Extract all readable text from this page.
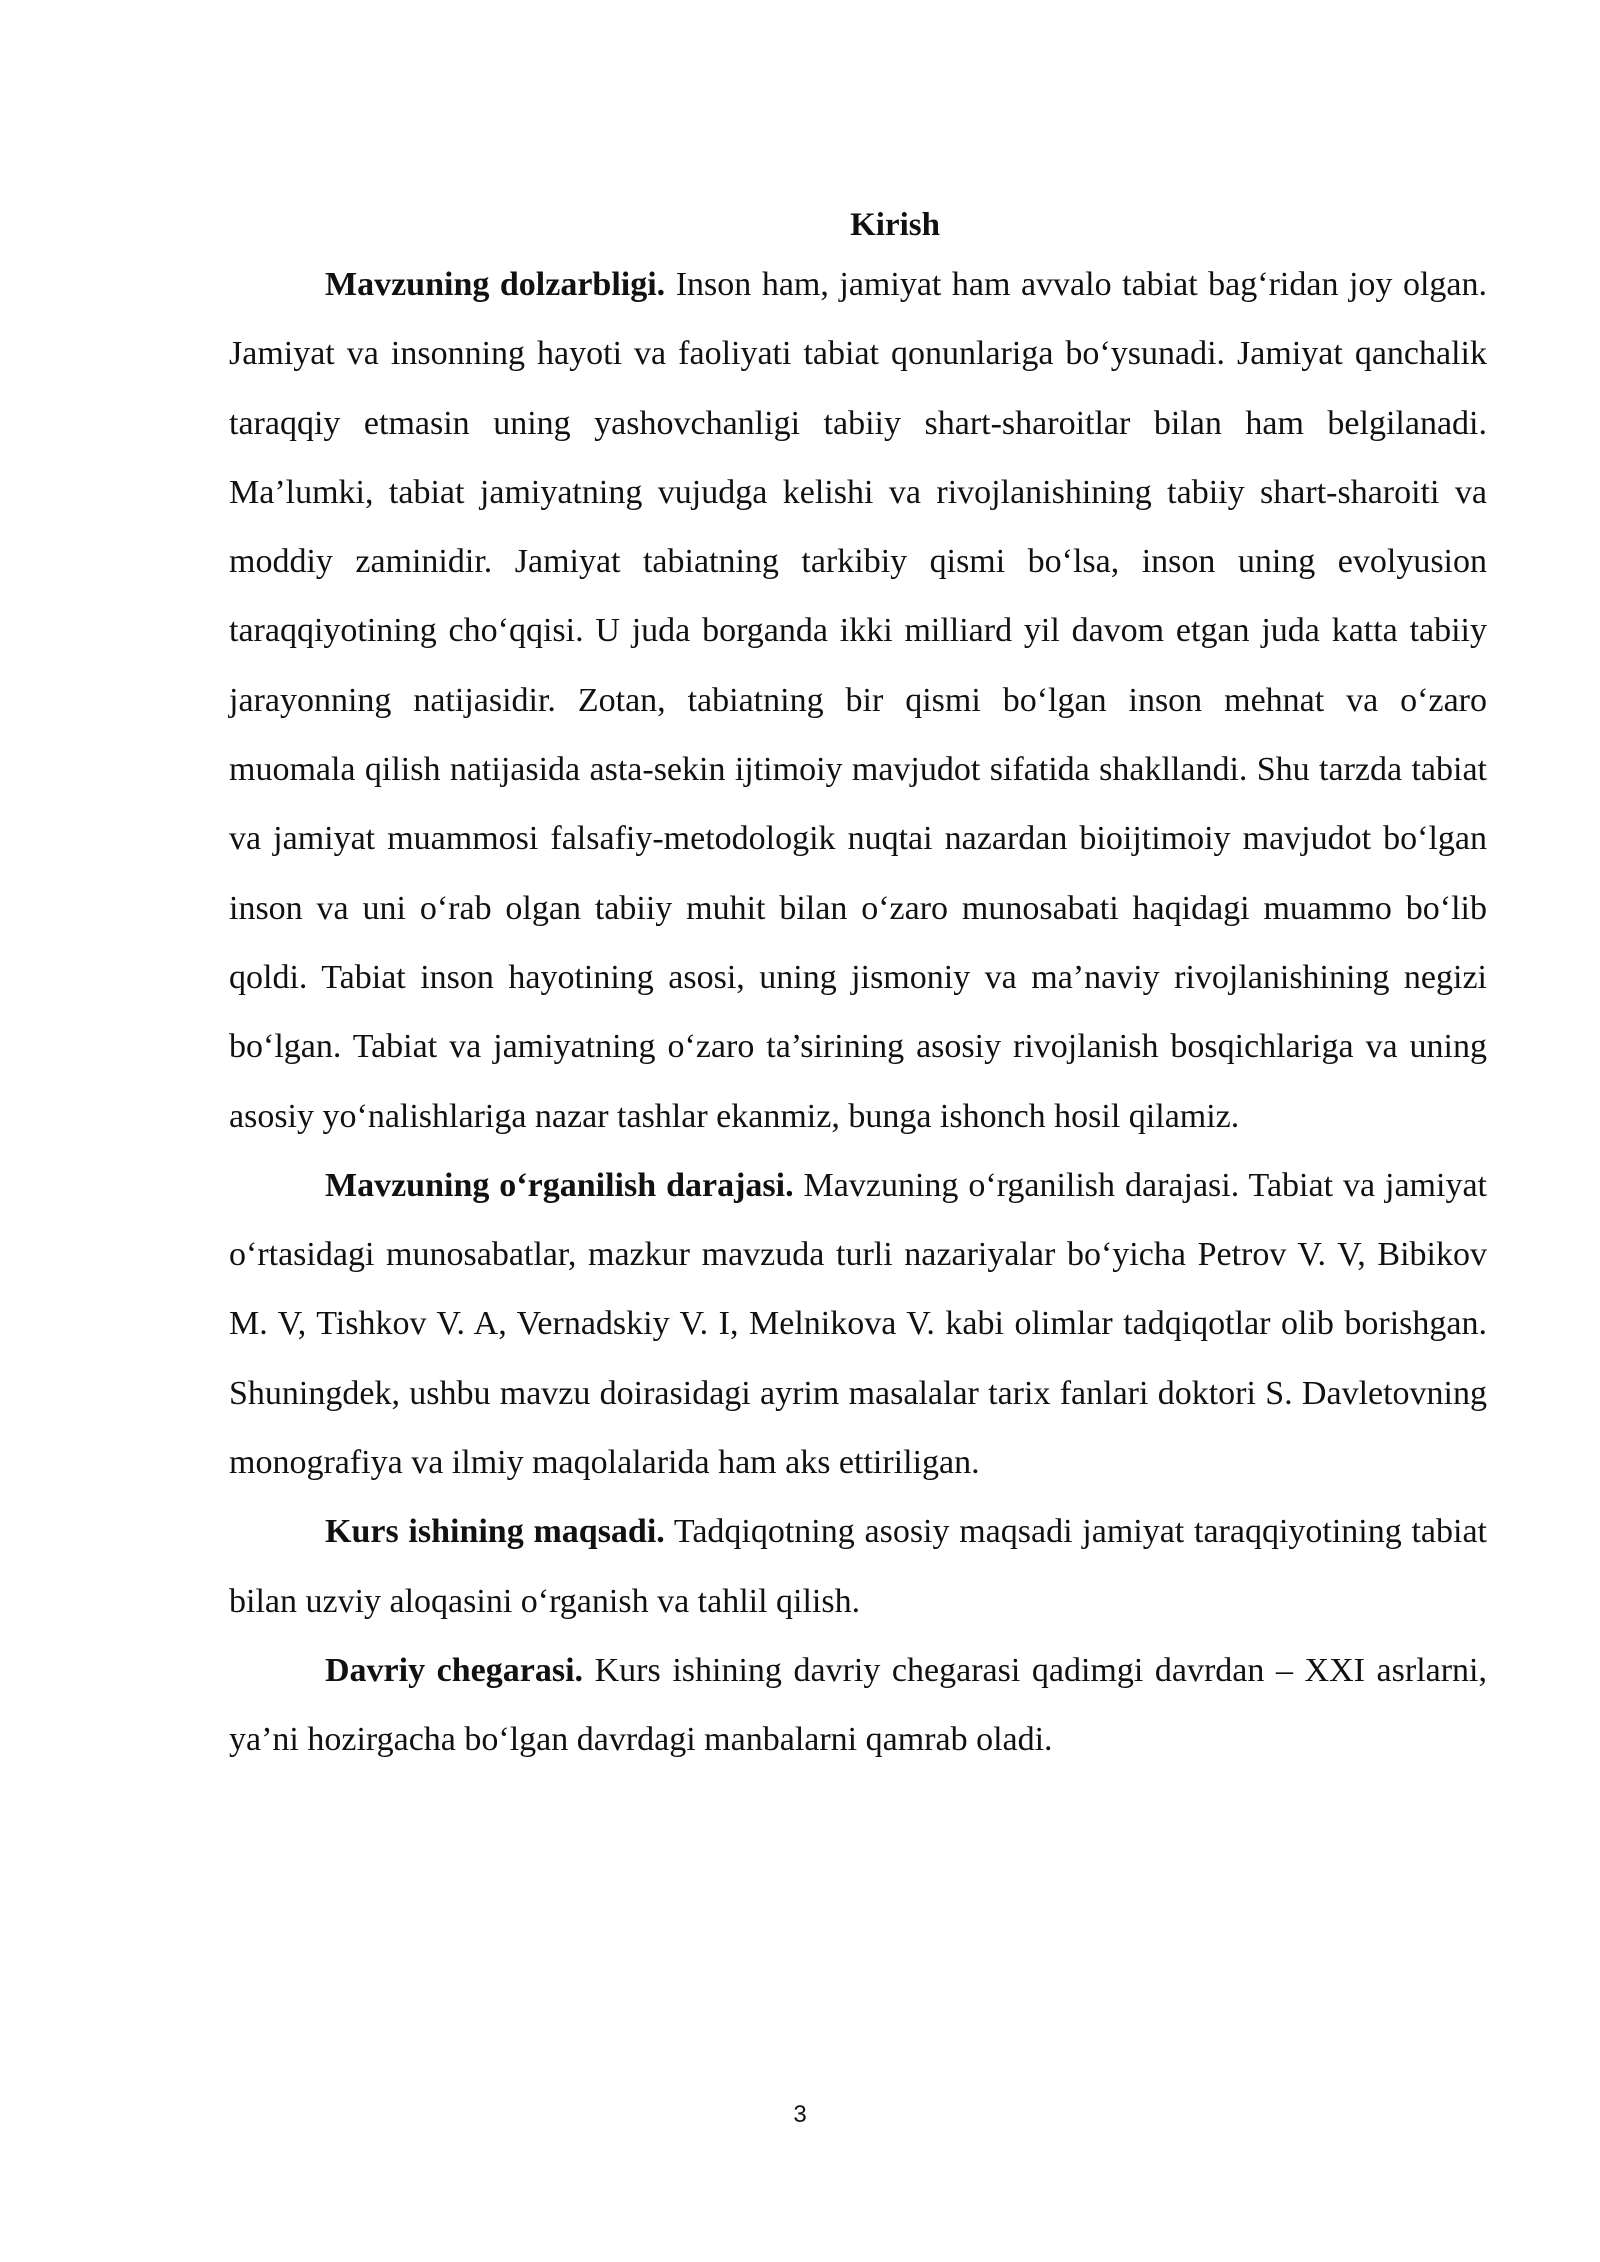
Kirish

Mavzuning dolzarbligi. Inson ham, jamiyat ham avvalo tabiat bag‘ridan joy olgan. Jamiyat va insonning hayoti va faoliyati tabiat qonunlariga bo‘ysunadi. Jamiyat qanchalik taraqqiy etmasin uning yashovchanligi tabiiy shart-sharoitlar bilan ham belgilanadi. Ma’lumki, tabiat jamiyatning vujudga kelishi va rivojlanishining tabiiy shart-sharoiti va moddiy zaminidir. Jamiyat tabiatning tarkibiy qismi bo‘lsa, inson uning evolyusion taraqqiyotining cho‘qqisi. U juda borganda ikki milliard yil davom etgan juda katta tabiiy jarayonning natijasidir. Zotan, tabiatning bir qismi bo‘lgan inson mehnat va o‘zaro muomala qilish natijasida asta-sekin ijtimoiy mavjudot sifatida shakllandi. Shu tarzda tabiat va jamiyat muammosi falsafiy-metodologik nuqtai nazardan bioijtimoiy mavjudot bo‘lgan inson va uni o‘rab olgan tabiiy muhit bilan o‘zaro munosabati haqidagi muammo bo‘lib qoldi. Tabiat inson hayotining asosi, uning jismoniy va ma’naviy rivojlanishining negizi bo‘lgan. Tabiat va jamiyatning o‘zaro ta’sirining asosiy rivojlanish bosqichlariga va uning asosiy yo‘nalishlariga nazar tashlar ekanmiz, bunga ishonch hosil qilamiz.

Mavzuning o‘rganilish darajasi. Mavzuning o‘rganilish darajasi. Tabiat va jamiyat o‘rtasidagi munosabatlar, mazkur mavzuda turli nazariyalar bo‘yicha Petrov V. V, Bibikov M. V, Tishkov V. A, Vernadskiy V. I, Melnikova V. kabi olimlar tadqiqotlar olib borishgan. Shuningdek, ushbu mavzu doirasidagi ayrim masalalar tarix fanlari doktori S. Davletovning monografiya va ilmiy maqolalarida ham aks ettiriligan.

Kurs ishining maqsadi. Tadqiqotning asosiy maqsadi jamiyat taraqqiyotining tabiat bilan uzviy aloqasini o‘rganish va tahlil qilish.

Davriy chegarasi. Kurs ishining davriy chegarasi qadimgi davrdan – XXI asrlarni, ya’ni hozirgacha bo‘lgan davrdagi manbalarni qamrab oladi.

3
